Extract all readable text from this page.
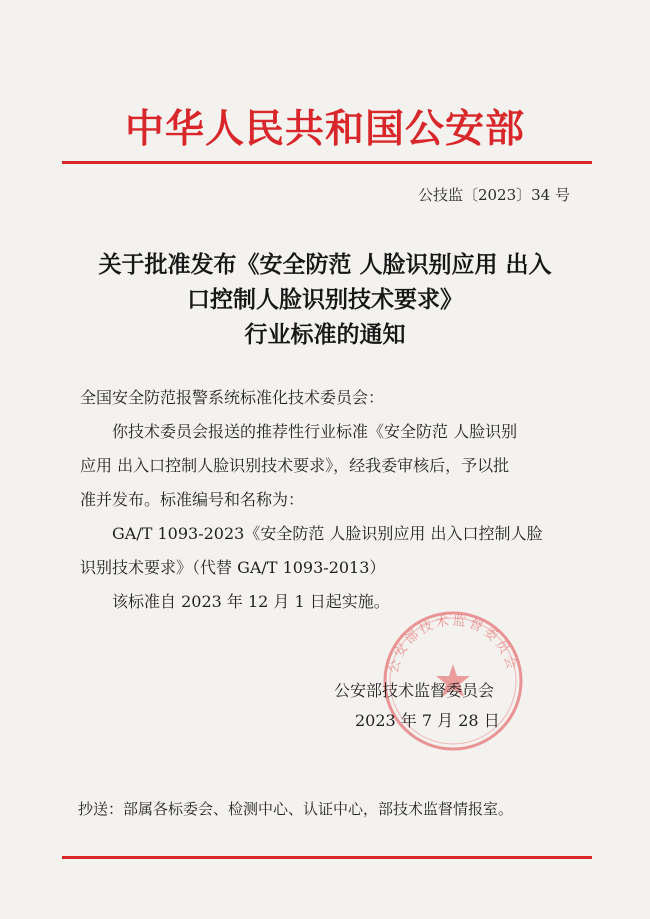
中华人民共和国公安部
公技监〔2023〕34 号
关于批准发布《安全防范 人脸识别应用 出入
口控制人脸识别技术要求》
行业标准的通知
全国安全防范报警系统标准化技术委员会：
你技术委员会报送的推荐性行业标准《安全防范 人脸识别
应用 出入口控制人脸识别技术要求》，经我委审核后，予以批
准并发布。标准编号和名称为：
GA/T 1093-2023《安全防范 人脸识别应用 出入口控制人脸
识别技术要求》（代替 GA/T 1093-2013）
该标准自 2023 年 12 月 1 日起实施。
公安部技术监督委员会
公安部技术监督委员会
2023 年 7 月 28 日
抄送：部属各标委会、检测中心、认证中心，部技术监督情报室。
